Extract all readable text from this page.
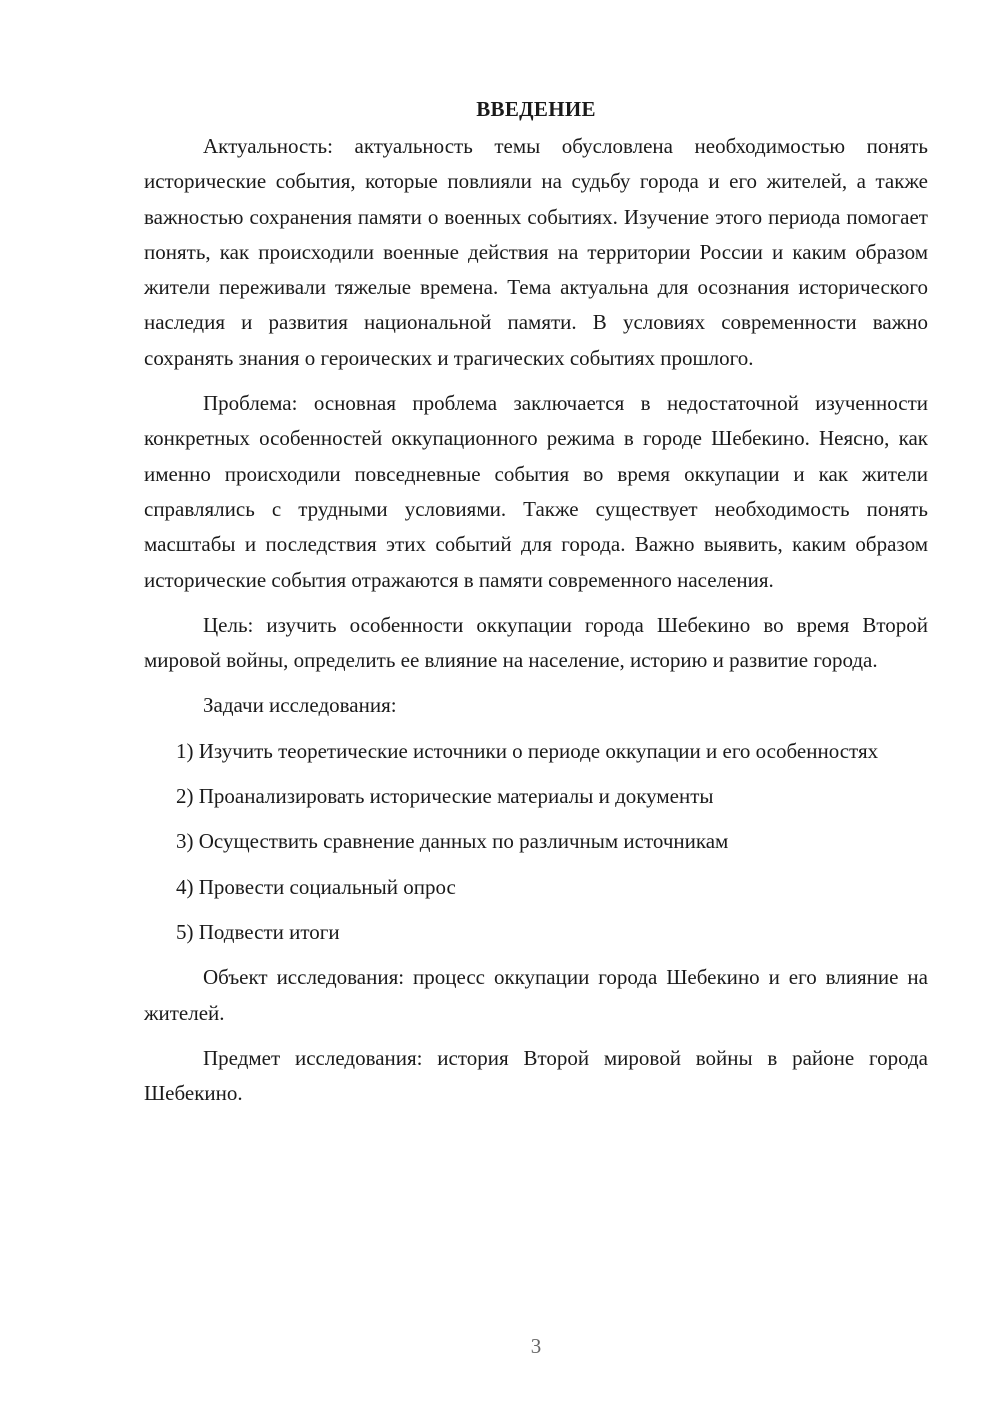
ВВЕДЕНИЕ

Актуальность: актуальность темы обусловлена необходимостью понять исторические события, которые повлияли на судьбу города и его жителей, а также важностью сохранения памяти о военных событиях. Изучение этого периода помогает понять, как происходили военные действия на территории России и каким образом жители переживали тяжелые времена. Тема актуальна для осознания исторического наследия и развития национальной памяти. В условиях современности важно сохранять знания о героических и трагических событиях прошлого.

Проблема: основная проблема заключается в недостаточной изученности конкретных особенностей оккупационного режима в городе Шебекино. Неясно, как именно происходили повседневные события во время оккупации и как жители справлялись с трудными условиями. Также существует необходимость понять масштабы и последствия этих событий для города. Важно выявить, каким образом исторические события отражаются в памяти современного населения.

Цель: изучить особенности оккупации города Шебекино во время Второй мировой войны, определить ее влияние на население, историю и развитие города.

Задачи исследования:

1) Изучить теоретические источники о периоде оккупации и его особенностях

2) Проанализировать исторические материалы и документы

3) Осуществить сравнение данных по различным источникам

4) Провести социальный опрос

5) Подвести итоги

Объект исследования: процесс оккупации города Шебекино и его влияние на жителей.

Предмет исследования: история Второй мировой войны в районе города Шебекино.

3
